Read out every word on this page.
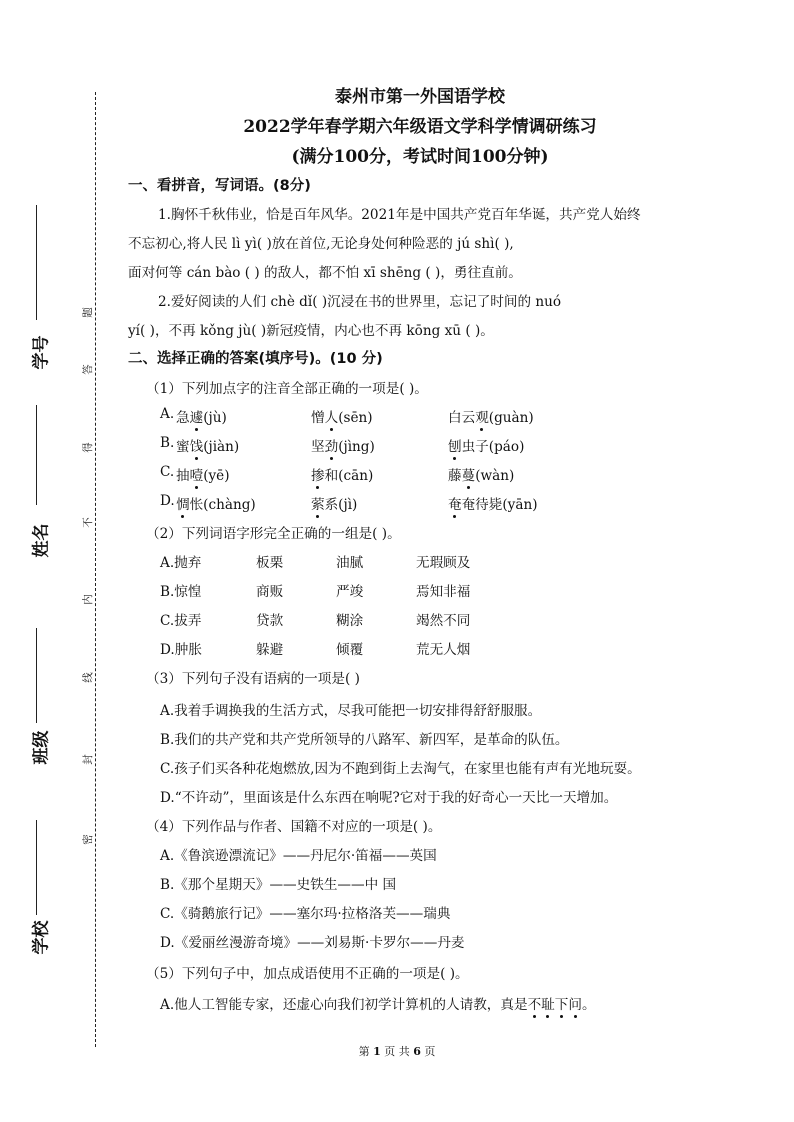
泰州市第一外国语学校
2022学年春学期六年级语文学科学情调研练习
(满分100分，考试时间100分钟)
学号
姓名
班级
学校
题
答
得
不
内
线
封
密
一、看拼音，写词语。(8分)
1.胸怀千秋伟业，恰是百年风华。2021年是中国共产党百年华诞，共产党人始终
不忘初心,将人民 lì yì( )放在首位,无论身处何种险恶的 jú shì( ),
面对何等 cán bào ( ) 的敌人，都不怕 xī shēng ( )，勇往直前。
2.爱好阅读的人们 chè dǐ( )沉浸在书的世界里，忘记了时间的 nuó
yí( )，不再 kǒng jù( )新冠疫情，内心也不再 kōng xū ( )。
二、选择正确的答案(填序号)。(10 分)
（1）下列加点字的注音全部正确的一项是( )。
A. 急遽(jù)	憎人(sēn)	白云观(guàn)
B. 蜜饯(jiàn)	坚劲(jìng)	刨虫子(páo)
C. 抽噎(yē)	掺和(cān)	藤蔓(wàn)
D. 惆怅(chàng)	萦系(jì)	奄奄待毙(yān)
（2）下列词语字形完全正确的一组是( )。
A.抛弃	板栗	油腻	无瑕顾及
B.惊惶	商贩	严竣	焉知非福
C.拔弄	贷款	糊涂	竭然不同
D.肿胀	躲避	倾覆	荒无人烟
（3）下列句子没有语病的一项是( )
A.我着手调换我的生活方式，尽我可能把一切安排得舒舒服服。
B.我们的共产党和共产党所领导的八路军、新四军，是革命的队伍。
C.孩子们买各种花炮燃放,因为不跑到街上去淘气，在家里也能有声有光地玩耍。
D.“不许动”，里面该是什么东西在响呢?它对于我的好奇心一天比一天增加。
（4）下列作品与作者、国籍不对应的一项是( )。
A.《鲁滨逊漂流记》——丹尼尔·笛福——英国
B.《那个星期天》——史铁生——中 国
C.《骑鹅旅行记》——塞尔玛·拉格洛芙——瑞典
D.《爱丽丝漫游奇境》——刘易斯·卡罗尔——丹麦
（5）下列句子中，加点成语使用不正确的一项是( )。
A.他人工智能专家，还虚心向我们初学计算机的人请教，真是不耻下问。
第 1 页 共 6 页
